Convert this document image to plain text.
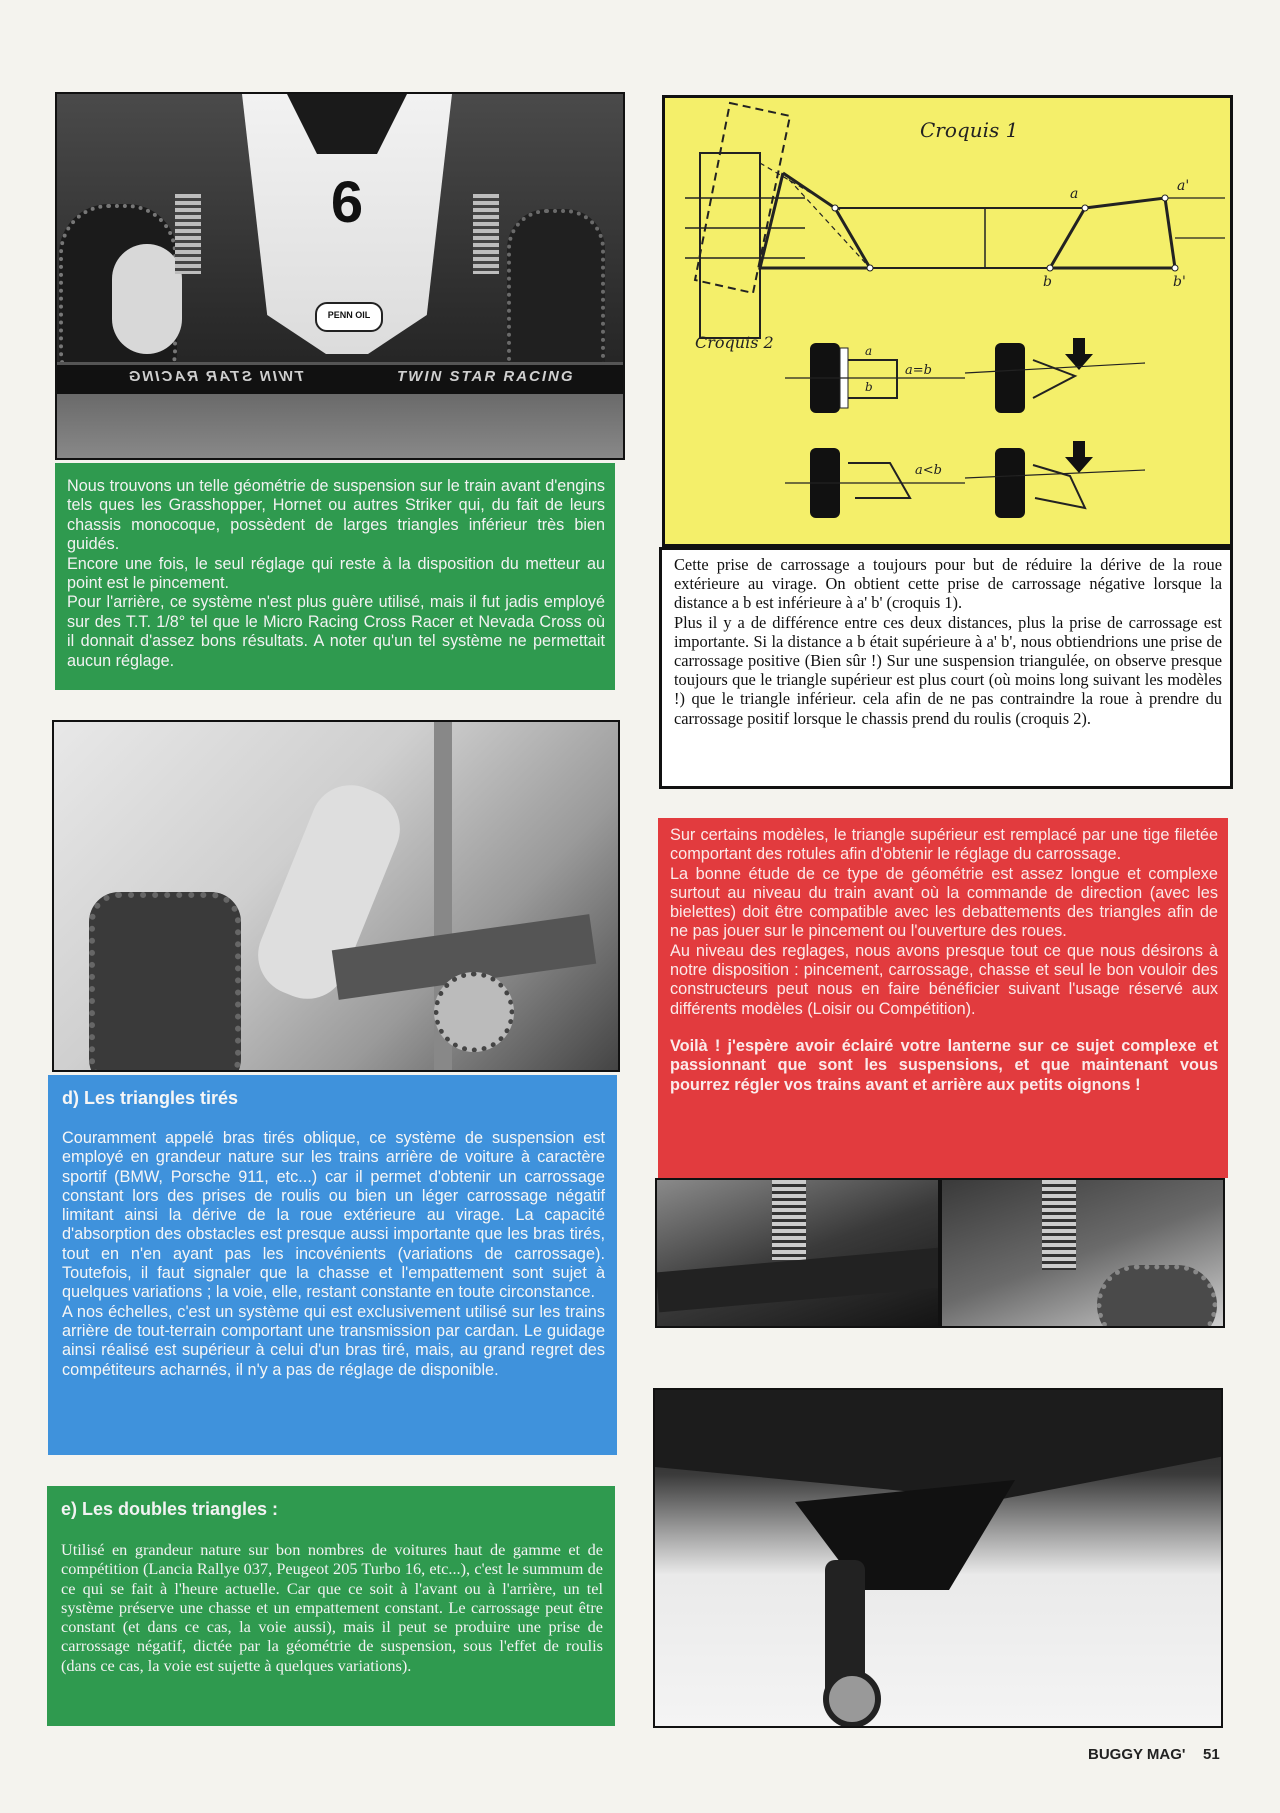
6
PENN OIL
TWIN STAR RACING	TWIN STAR RACING
Nous trouvons un telle géométrie de suspension sur le train avant d'engins tels ques les Grasshopper, Hornet ou autres Striker qui, du fait de leurs chassis monocoque, possèdent de larges triangles inférieur très bien guidés.
Encore une fois, le seul réglage qui reste à la disposition du metteur au point est le pincement.
Pour l'arrière, ce système n'est plus guère utilisé, mais il fut jadis employé sur des T.T. 1/8° tel que le Micro Racing Cross Racer et Nevada Cross où il donnait d'assez bons résultats. A noter qu'un tel système ne permettait aucun réglage.
Croquis 1
a	a'
b	b'
Croquis 2	a
b
a=b
a<b
Cette prise de carrossage a toujours pour but de réduire la dérive de la roue extérieure au virage. On obtient cette prise de carrossage négative lorsque la distance a b est inférieure à a' b' (croquis 1).
Plus il y a de différence entre ces deux distances, plus la prise de carrossage est importante. Si la distance a b était supérieure à a' b', nous obtiendrions une prise de carrossage positive (Bien sûr !) Sur une suspension triangulée, on observe presque toujours que le triangle supérieur est plus court (où moins long suivant les modèles !) que le triangle inférieur. cela afin de ne pas contraindre la roue à prendre du carrossage positif lorsque le chassis prend du roulis (croquis 2).
d) Les triangles tirés
Couramment appelé bras tirés oblique, ce système de suspension est employé en grandeur nature sur les trains arrière de voiture à caractère sportif (BMW, Porsche 911, etc...) car il permet d'obtenir un carrossage constant lors des prises de roulis ou bien un léger carrossage négatif limitant ainsi la dérive de la roue extérieure au virage. La capacité d'absorption des obstacles est presque aussi importante que les bras tirés, tout en n'en ayant pas les incovénients (variations de carrossage). Toutefois, il faut signaler que la chasse et l'empattement sont sujet à quelques variations ; la voie, elle, restant constante en toute circonstance.
A nos échelles, c'est un système qui est exclusivement utilisé sur les trains arrière de tout-terrain comportant une transmission par cardan. Le guidage ainsi réalisé est supérieur à celui d'un bras tiré, mais, au grand regret des compétiteurs acharnés, il n'y a pas de réglage de disponible.
Sur certains modèles, le triangle supérieur est remplacé par une tige filetée comportant des rotules afin d'obtenir le réglage du carrossage.
La bonne étude de ce type de géométrie est assez longue et complexe surtout au niveau du train avant où la commande de direction (avec les bielettes) doit être compatible avec les debattements des triangles afin de ne pas jouer sur le pincement ou l'ouverture des roues.
Au niveau des reglages, nous avons presque tout ce que nous désirons à notre disposition : pincement, carrossage, chasse et seul le bon vouloir des constructeurs peut nous en faire bénéficier suivant l'usage réservé aux différents modèles (Loisir ou Compétition).
Voilà ! j'espère avoir éclairé votre lanterne sur ce sujet complexe et passionnant que sont les suspensions, et que maintenant vous pourrez régler vos trains avant et arrière aux petits oignons !
e) Les doubles triangles :
Utilisé en grandeur nature sur bon nombres de voitures haut de gamme et de compétition (Lancia Rallye 037, Peugeot 205 Turbo 16, etc...), c'est le summum de ce qui se fait à l'heure actuelle. Car que ce soit à l'avant ou à l'arrière, un tel système préserve une chasse et un empattement constant. Le carrossage peut être constant (et dans ce cas, la voie aussi), mais il peut se produire une prise de carrossage négatif, dictée par la géométrie de suspension, sous l'effet de roulis (dans ce cas, la voie est sujette à quelques variations).
BUGGY MAG' 51
